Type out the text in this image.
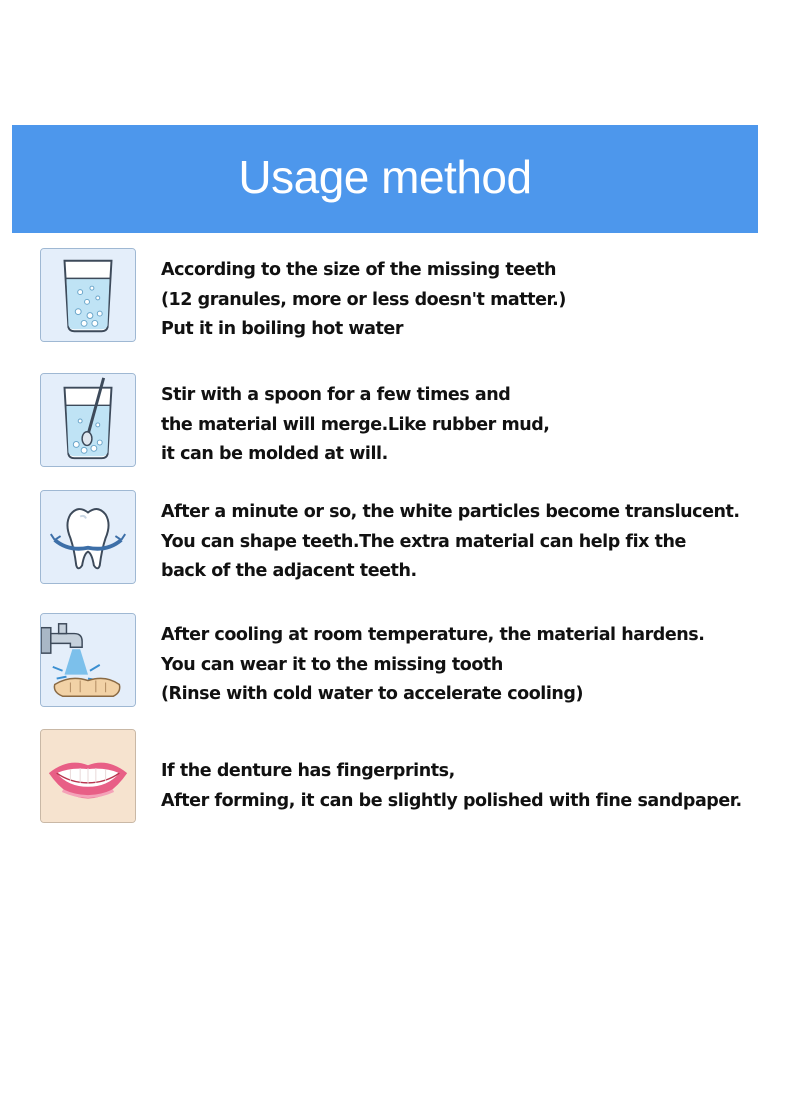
Usage method
According to the size of the missing teeth
(12 granules, more or less doesn't matter.)
Put it in boiling hot water
Stir with a spoon for a few times and
the material will merge.Like rubber mud,
it can be molded at will.
After a minute or so, the white particles become translucent.
You can shape teeth.The extra material can help fix the
back of the adjacent teeth.
After cooling at room temperature, the material hardens.
You can wear it to the missing tooth
(Rinse with cold water to accelerate cooling)
If the denture has fingerprints,
After forming, it can be slightly polished with fine sandpaper.
